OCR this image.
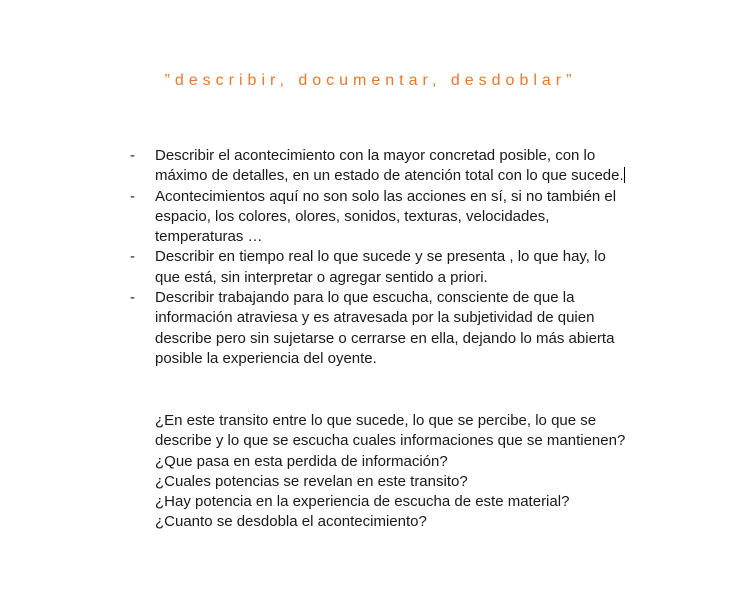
”describir, documentar, desdoblar”
- Describir el acontecimiento con la mayor concretad posible, con lo máximo de detalles, en un estado de atención total con lo que sucede.
- Acontecimientos aquí no son solo las acciones en sí, si no también el espacio, los colores, olores, sonidos, texturas, velocidades, temperaturas …
- Describir en tiempo real lo que sucede y se presenta , lo que hay, lo que está, sin interpretar o agregar sentido a priori.
- Describir trabajando para lo que escucha, consciente de que la información atraviesa y es atravesada por la subjetividad de quien describe pero sin sujetarse o cerrarse en ella, dejando lo más abierta posible la experiencia del oyente.
¿En este transito entre lo que sucede, lo que se percibe, lo que se describe y lo que se escucha cuales informaciones que se mantienen?
¿Que pasa en esta perdida de información?
¿Cuales potencias se revelan en este transito?
¿Hay potencia en la experiencia de escucha de este material?
¿Cuanto se desdobla el acontecimiento?
